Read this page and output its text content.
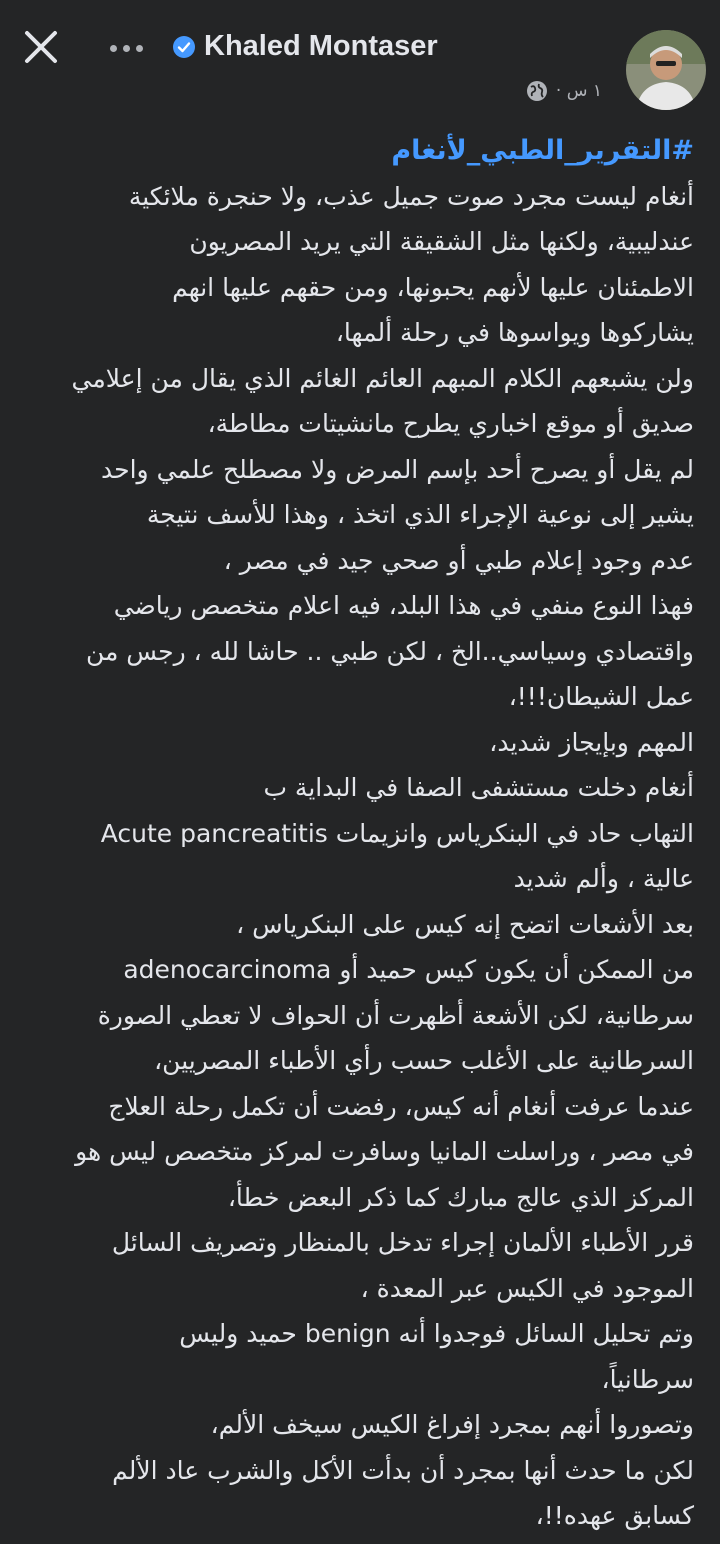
Khaled Montaser
١ س ·

#التقرير_الطبي_لأنغام

أنغام ليست مجرد صوت جميل عذب، ولا حنجرة ملائكية

عندليبية، ولكنها مثل الشقيقة التي يريد المصريون

الاطمئنان عليها لأنهم يحبونها، ومن حقهم عليها انهم

يشاركوها ويواسوها في رحلة ألمها،

ولن يشبعهم الكلام المبهم العائم الغائم الذي يقال من إعلامي

صديق أو موقع اخباري يطرح مانشيتات مطاطة،

لم يقل أو يصرح أحد بإسم المرض ولا مصطلح علمي واحد

يشير إلى نوعية الإجراء الذي اتخذ ، وهذا للأسف نتيجة

عدم وجود إعلام طبي أو صحي جيد في مصر ،

فهذا النوع منفي في هذا البلد، فيه اعلام متخصص رياضي

واقتصادي وسياسي..الخ ، لكن طبي .. حاشا لله ، رجس من

عمل الشيطان!!!،

المهم وبإيجاز شديد،

أنغام دخلت مستشفى الصفا في البداية ب

التهاب حاد في البنكرياس وانزيمات Acute pancreatitis

عالية ، وألم شديد

بعد الأشعات اتضح إنه كيس على البنكرياس ،

من الممكن أن يكون كيس حميد أو adenocarcinoma

سرطانية، لكن الأشعة أظهرت أن الحواف لا تعطي الصورة

السرطانية على الأغلب حسب رأي الأطباء المصريين،

عندما عرفت أنغام أنه كيس، رفضت أن تكمل رحلة العلاج

في مصر ، وراسلت المانيا وسافرت لمركز متخصص ليس هو

المركز الذي عالج مبارك كما ذكر البعض خطأ،

قرر الأطباء الألمان إجراء تدخل بالمنظار وتصريف السائل

الموجود في الكيس عبر المعدة ،

وتم تحليل السائل فوجدوا أنه benign حميد وليس

سرطانياً،

وتصوروا أنهم بمجرد إفراغ الكيس سيخف الألم،

لكن ما حدث أنها بمجرد أن بدأت الأكل والشرب عاد الألم

كسابق عهده!!،
